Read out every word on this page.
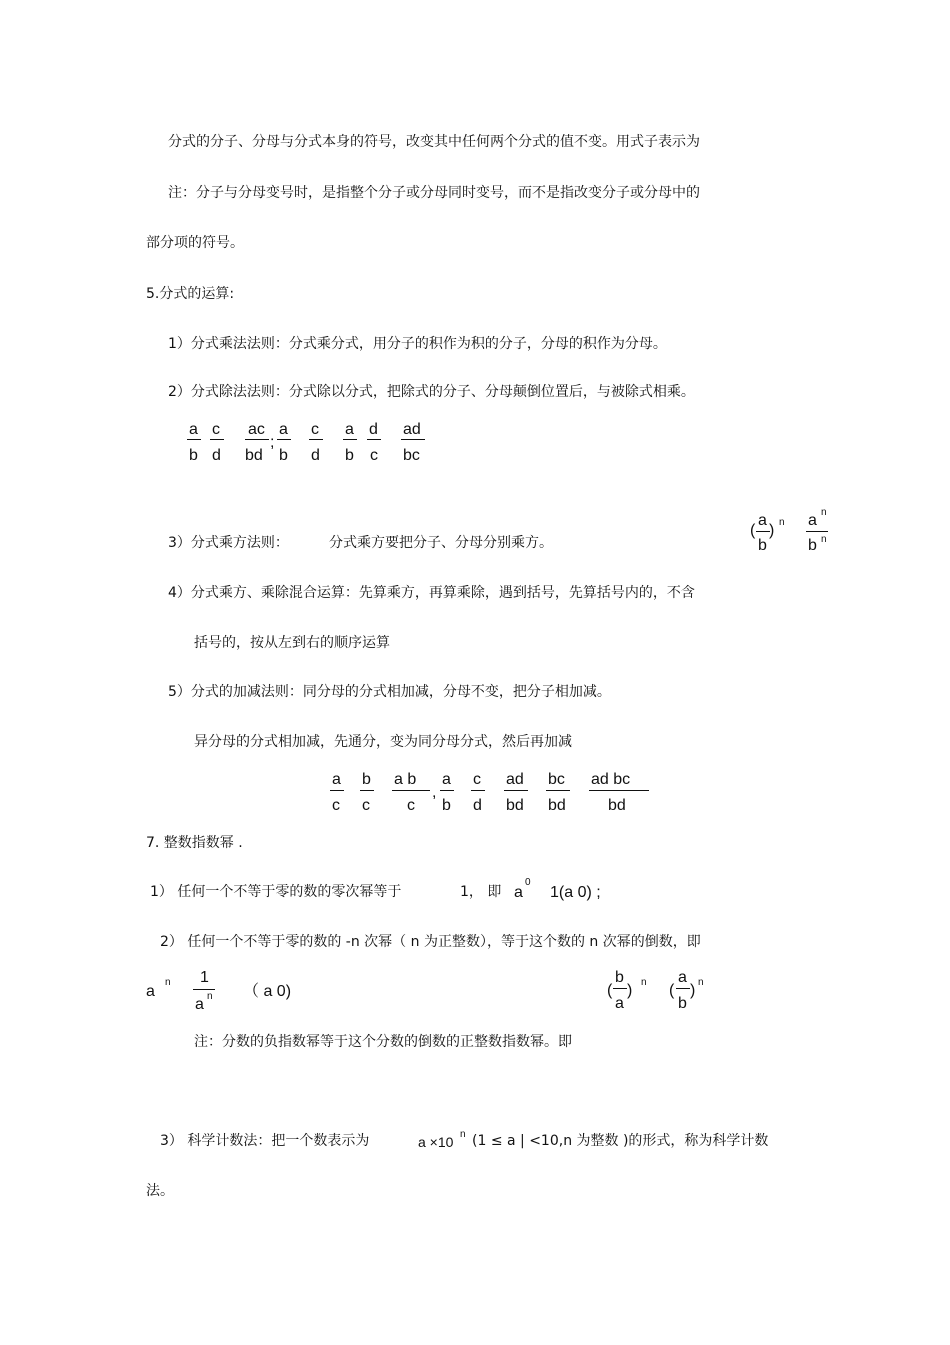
分式的分子、分母与分式本身的符号，改变其中任何两个分式的值不变。用式子表示为
注：分子与分母变号时，是指整个分子或分母同时变号，而不是指改变分子或分母中的
部分项的符号。
5.分式的运算:
1）分式乘法法则：分式乘分式，用分子的积作为积的分子，分母的积作为分母。
2）分式除法法则：分式除以分式，把除式的分子、分母颠倒位置后，与被除式相乘。
a
b
c
d
ac
bd
;
a
b
c
d
a
b
d
c
ad
bc
3）分式乘方法则：	分式乘方要把分子、分母分别乘方。
(
a
b
) n a n
b n
4）分式乘方、乘除混合运算：先算乘方，再算乘除，遇到括号，先算括号内的，不含
括号的，按从左到右的顺序运算
5）分式的加减法则：同分母的分式相加减，分母不变，把分子相加减。
异分母的分式相加减，先通分，变为同分母分式，然后再加减
a
c
b
c
a b
c
,
a
b
c
d
ad
bd
bc
bd
ad bc
bd
7. 整数指数幂 .
1） 任何一个不等于零的数的零次幂等于	1， 即 a
0
1(a 0) ;
2） 任何一个不等于零的数的 -n 次幂（ n 为正整数），等于这个数的 n 次幂的倒数，即
a
n 1
a n （ a 0)	(
b
a
) n (
a
b
) n
注：分数的负指数幂等于这个分数的倒数的正整数指数幂。即
3） 科学计数法：把一个数表示为	a ×10 n (1 ≤ a | <10,n 为整数 )的形式，称为科学计数
法。
